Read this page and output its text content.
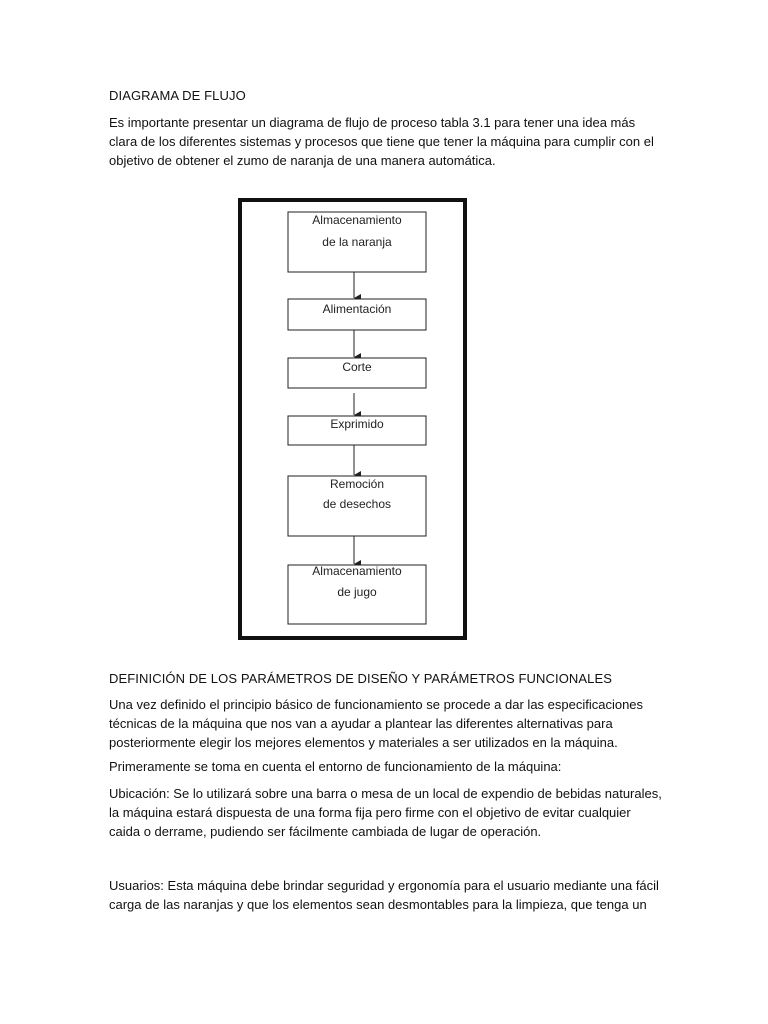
DIAGRAMA DE FLUJO
Es importante presentar un diagrama de flujo de proceso tabla 3.1 para tener una idea más
clara de los diferentes sistemas y procesos que tiene que tener la máquina para cumplir con el
objetivo de obtener el zumo de naranja de una manera automática.
Almacenamiento
de la naranja
Alimentación
Corte
Exprimido
Remoción
de desechos
Almacenamiento
de jugo
DEFINICIÓN DE LOS PARÁMETROS DE DISEÑO Y PARÁMETROS FUNCIONALES
Una vez definido el principio básico de funcionamiento se procede a dar las especificaciones
técnicas de la máquina que nos van a ayudar a plantear las diferentes alternativas para
posteriormente elegir los mejores elementos y materiales a ser utilizados en la máquina.
Primeramente se toma en cuenta el entorno de funcionamiento de la máquina:
Ubicación: Se lo utilizará sobre una barra o mesa de un local de expendio de bebidas naturales,
la máquina estará dispuesta de una forma fija pero firme con el objetivo de evitar cualquier
caida o derrame, pudiendo ser fácilmente cambiada de lugar de operación.
Usuarios: Esta máquina debe brindar seguridad y ergonomía para el usuario mediante una fácil
carga de las naranjas y que los elementos sean desmontables para la limpieza, que tenga un
